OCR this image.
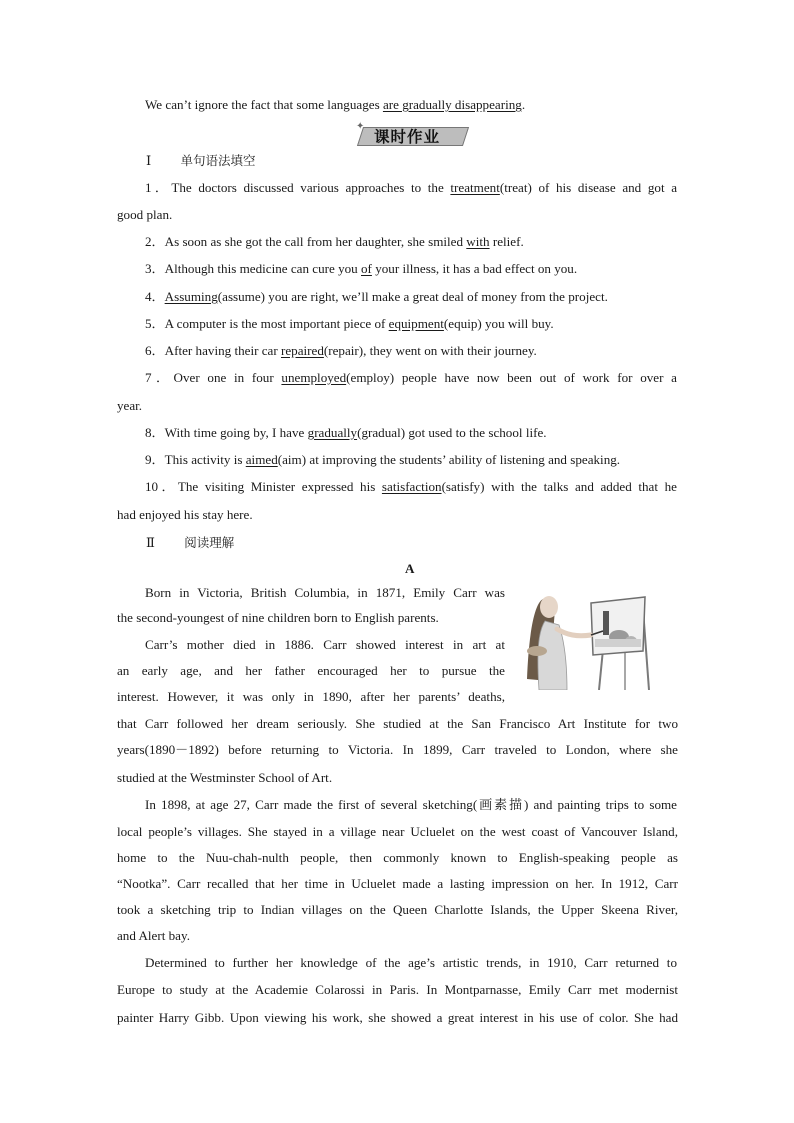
We can’t ignore the fact that some languages are gradually disappearing.
✦
课时作业
Ⅰ 单句语法填空
1．The doctors discussed various approaches to the treatment(treat) of his disease and got a
good plan.
2．As soon as she got the call from her daughter, she smiled with relief.
3．Although this medicine can cure you of your illness, it has a bad effect on you.
4．Assuming(assume) you are right, we’ll make a great deal of money from the project.
5．A computer is the most important piece of equipment(equip) you will buy.
6．After having their car repaired(repair), they went on with their journey.
7．Over one in four unemployed(employ) people have now been out of work for over a
year.
8．With time going by, I have gradually(gradual) got used to the school life.
9．This activity is aimed(aim) at improving the students’ ability of listening and speaking.
10．The visiting Minister expressed his satisfaction(satisfy) with the talks and added that he
had enjoyed his stay here.
Ⅱ 阅读理解
A
Born in Victoria, British Columbia, in 1871, Emily Carr was
the second-youngest of nine children born to English parents.
Carr’s mother died in 1886. Carr showed interest in art at
an early age, and her father encouraged her to pursue the
interest. However, it was only in 1890, after her parents’ deaths,
that Carr followed her dream seriously. She studied at the San Francisco Art Institute for two
years(1890－1892) before returning to Victoria. In 1899, Carr traveled to London, where she
studied at the Westminster School of Art.
In 1898, at age 27, Carr made the first of several sketching(画素描) and painting trips to some
local people’s villages. She stayed in a village near Ucluelet on the west coast of Vancouver Island,
home to the Nuu-chah-nulth people, then commonly known to English-speaking people as
“Nootka”. Carr recalled that her time in Ucluelet made a lasting impression on her. In 1912, Carr
took a sketching trip to Indian villages on the Queen Charlotte Islands, the Upper Skeena River,
and Alert bay.
Determined to further her knowledge of the age’s artistic trends, in 1910, Carr returned to
Europe to study at the Academie Colarossi in Paris. In Montparnasse, Emily Carr met modernist
painter Harry Gibb. Upon viewing his work, she showed a great interest in his use of color. She had
